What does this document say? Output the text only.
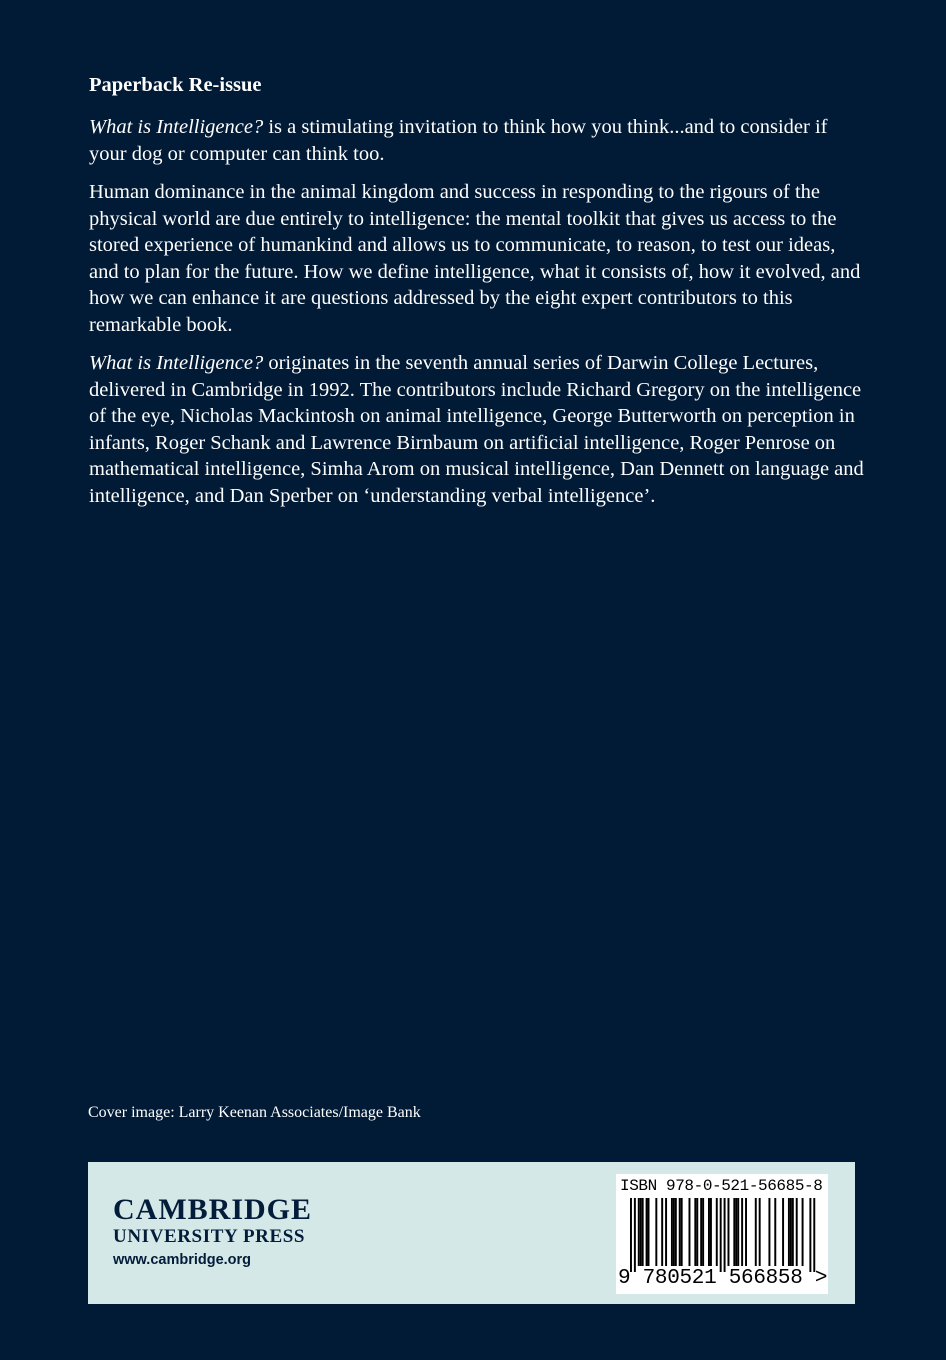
Paperback Re-issue

What is Intelligence? is a stimulating invitation to think how you think...and to consider if your dog or computer can think too.

Human dominance in the animal kingdom and success in responding to the rigours of the physical world are due entirely to intelligence: the mental toolkit that gives us access to the stored experience of humankind and allows us to communicate, to reason, to test our ideas, and to plan for the future. How we define intelligence, what it consists of, how it evolved, and how we can enhance it are questions addressed by the eight expert contributors to this remarkable book.

What is Intelligence? originates in the seventh annual series of Darwin College Lectures, delivered in Cambridge in 1992. The contributors include Richard Gregory on the intelligence of the eye, Nicholas Mackintosh on animal intelligence, George Butterworth on perception in infants, Roger Schank and Lawrence Birnbaum on artificial intelligence, Roger Penrose on mathematical intelligence, Simha Arom on musical intelligence, Dan Dennett on language and intelligence, and Dan Sperber on ‘understanding verbal intelligence’.

Cover image: Larry Keenan Associates/Image Bank
CAMBRIDGE
UNIVERSITY PRESS
www.cambridge.org
ISBN 978-0-521-56685-8
9 780521 566858 >
